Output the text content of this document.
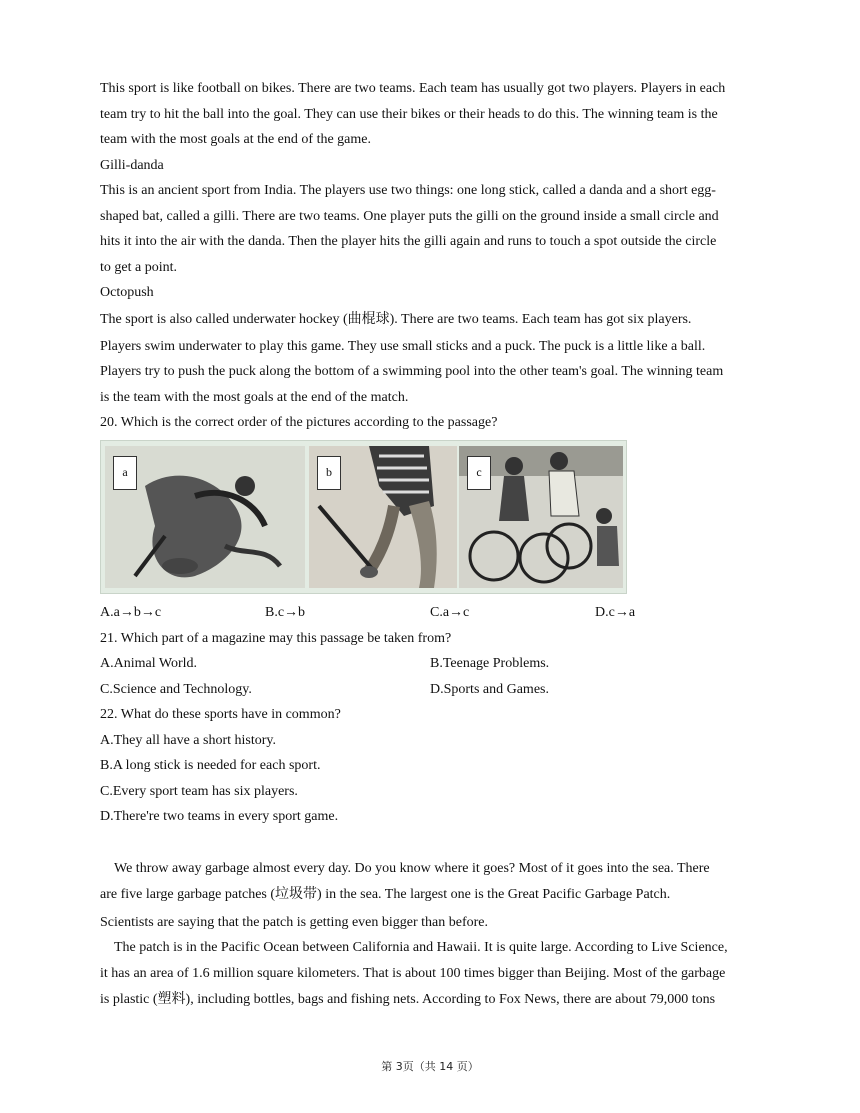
This sport is like football on bikes. There are two teams. Each team has usually got two players. Players in each
team try to hit the ball into the goal. They can use their bikes or their heads to do this. The winning team is the
team with the most goals at the end of the game.
Gilli-danda
This is an ancient sport from India. The players use two things: one long stick, called a danda and a short egg-
shaped bat, called a gilli. There are two teams. One player puts the gilli on the ground inside a small circle and
hits it into the air with the danda. Then the player hits the gilli again and runs to touch a spot outside the circle
to get a point.
Octopush
The sport is also called underwater hockey (曲棍球). There are two teams. Each team has got six players.
Players swim underwater to play this game. They use small sticks and a puck. The puck is a little like a ball.
Players try to push the puck along the bottom of a swimming pool into the other team's goal. The winning team
is the team with the most goals at the end of the match.
20. Which is the correct order of the pictures according to the passage?
a	b	c
A.a→b→c	B.c→b	C.a→c	D.c→a
21. Which part of a magazine may this passage be taken from?
A.Animal World.	B.Teenage Problems.
C.Science and Technology.	D.Sports and Games.
22. What do these sports have in common?
A.They all have a short history.
B.A long stick is needed for each sport.
C.Every sport team has six players.
D.There're two teams in every sport game.
We throw away garbage almost every day. Do you know where it goes? Most of it goes into the sea. There
are five large garbage patches (垃圾带) in the sea. The largest one is the Great Pacific Garbage Patch.
Scientists are saying that the patch is getting even bigger than before.
The patch is in the Pacific Ocean between California and Hawaii. It is quite large. According to Live Science,
it has an area of 1.6 million square kilometers. That is about 100 times bigger than Beijing. Most of the garbage
is plastic (塑料), including bottles, bags and fishing nets. According to Fox News, there are about 79,000 tons
第 3页（共 14 页）
